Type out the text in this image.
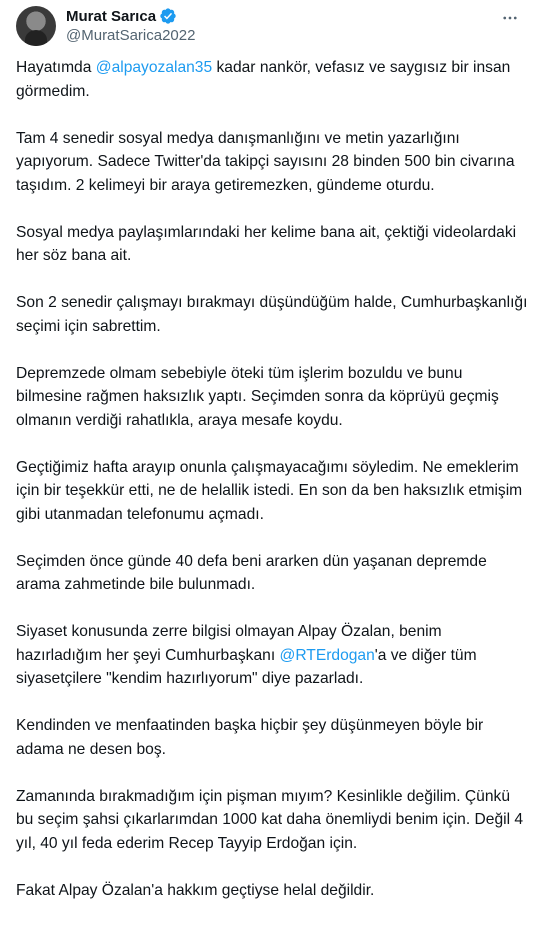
Murat Sarıca
@MuratSarica2022

Hayatımda @alpayozalan35 kadar nankör, vefasız ve saygısız bir insan görmedim.

Tam 4 senedir sosyal medya danışmanlığını ve metin yazarlığını yapıyorum. Sadece Twitter'da takipçi sayısını 28 binden 500 bin civarına taşıdım. 2 kelimeyi bir araya getiremezken, gündeme oturdu.

Sosyal medya paylaşımlarındaki her kelime bana ait, çektiği videolardaki her söz bana ait.

Son 2 senedir çalışmayı bırakmayı düşündüğüm halde, Cumhurbaşkanlığı seçimi için sabrettim.

Depremzede olmam sebebiyle öteki tüm işlerim bozuldu ve bunu bilmesine rağmen haksızlık yaptı. Seçimden sonra da köprüyü geçmiş olmanın verdiği rahatlıkla, araya mesafe koydu.

Geçtiğimiz hafta arayıp onunla çalışmayacağımı söyledim. Ne emeklerim için bir teşekkür etti, ne de helallik istedi. En son da ben haksızlık etmişim gibi utanmadan telefonumu açmadı.

Seçimden önce günde 40 defa beni ararken dün yaşanan depremde arama zahmetinde bile bulunmadı.

Siyaset konusunda zerre bilgisi olmayan Alpay Özalan, benim hazırladığım her şeyi Cumhurbaşkanı @RTErdogan'a ve diğer tüm siyasetçilere "kendim hazırlıyorum" diye pazarladı.

Kendinden ve menfaatinden başka hiçbir şey düşünmeyen böyle bir adama ne desen boş.

Zamanında bırakmadığım için pişman mıyım? Kesinlikle değilim. Çünkü bu seçim şahsi çıkarlarımdan 1000 kat daha önemliydi benim için. Değil 4 yıl, 40 yıl feda ederim Recep Tayyip Erdoğan için.

Fakat Alpay Özalan'a hakkım geçtiyse helal değildir.
